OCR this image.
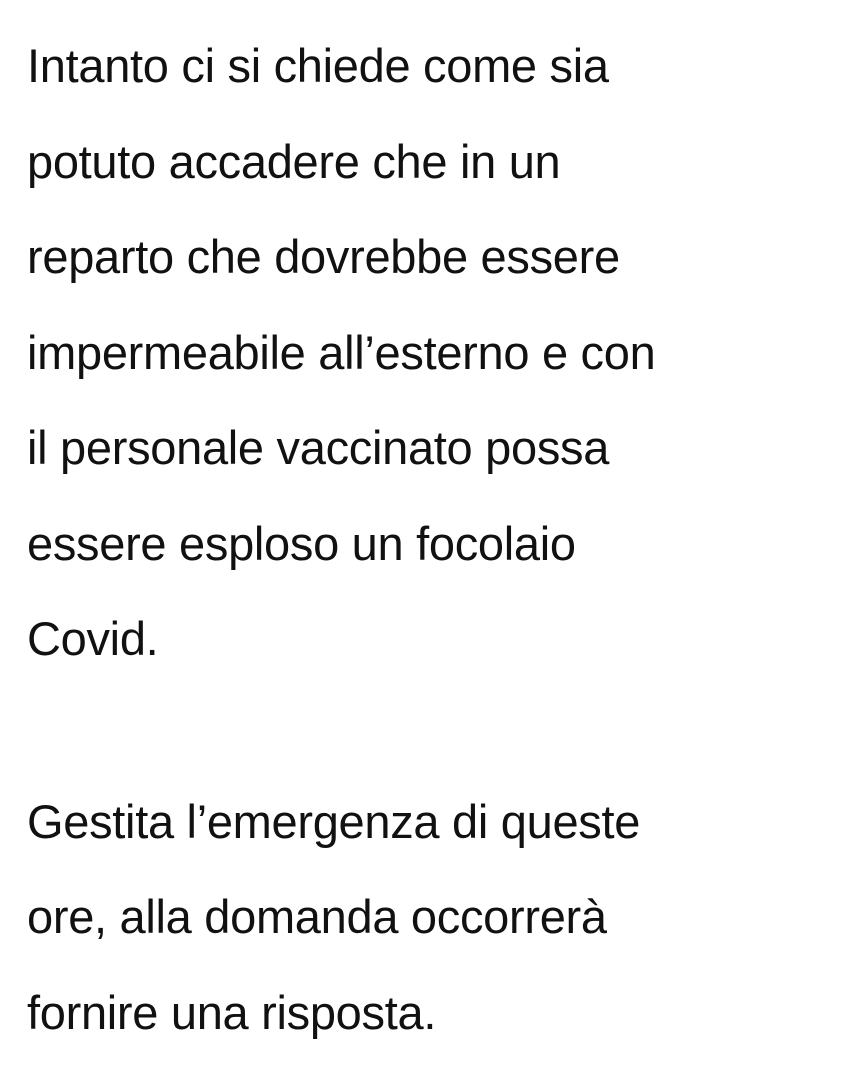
Intanto ci si chiede come sia
potuto accadere che in un
reparto che dovrebbe essere
impermeabile all’esterno e con
il personale vaccinato possa
essere esploso un focolaio
Covid.

Gestita l’emergenza di queste
ore, alla domanda occorrerà
fornire una risposta.
